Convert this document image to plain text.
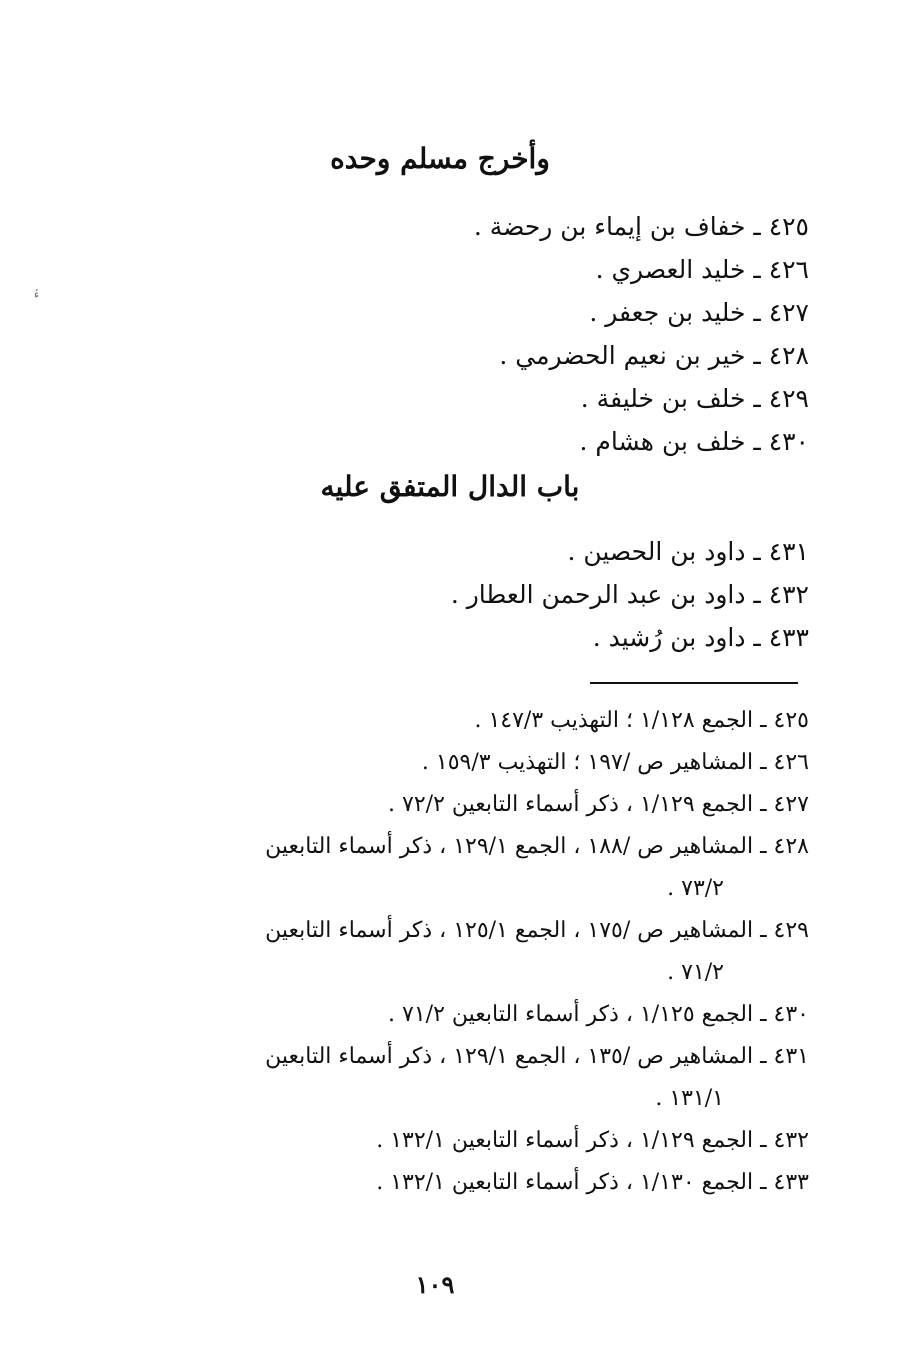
ءٔ
وأخرج مسلم وحده
٤٢٥ ـ خفاف بن إيماء بن رحضة .
٤٢٦ ـ خليد العصري .
٤٢٧ ـ خليد بن جعفر .
٤٢٨ ـ خير بن نعيم الحضرمي .
٤٢٩ ـ خلف بن خليفة .
٤٣٠ ـ خلف بن هشام .
باب الدال المتفق عليه
٤٣١ ـ داود بن الحصين .
٤٣٢ ـ داود بن عبد الرحمن العطار .
٤٣٣ ـ داود بن رُشيد .
٤٢٥ ـ الجمع ١/١٢٨ ؛ التهذيب ١٤٧/٣ .
٤٢٦ ـ المشاهير ص /١٩٧ ؛ التهذيب ١٥٩/٣ .
٤٢٧ ـ الجمع ١/١٢٩ ، ذكر أسماء التابعين ٧٢/٢ .
٤٢٨ ـ المشاهير ص /١٨٨ ، الجمع ١٢٩/١ ، ذكر أسماء التابعين
٧٣/٢ .
٤٢٩ ـ المشاهير ص /١٧٥ ، الجمع ١٢٥/١ ، ذكر أسماء التابعين
٧١/٢ .
٤٣٠ ـ الجمع ١/١٢٥ ، ذكر أسماء التابعين ٧١/٢ .
٤٣١ ـ المشاهير ص /١٣٥ ، الجمع ١٢٩/١ ، ذكر أسماء التابعين
١٣١/١ .
٤٣٢ ـ الجمع ١/١٢٩ ، ذكر أسماء التابعين ١٣٢/١ .
٤٣٣ ـ الجمع ١/١٣٠ ، ذكر أسماء التابعين ١٣٢/١ .
١٠٩
